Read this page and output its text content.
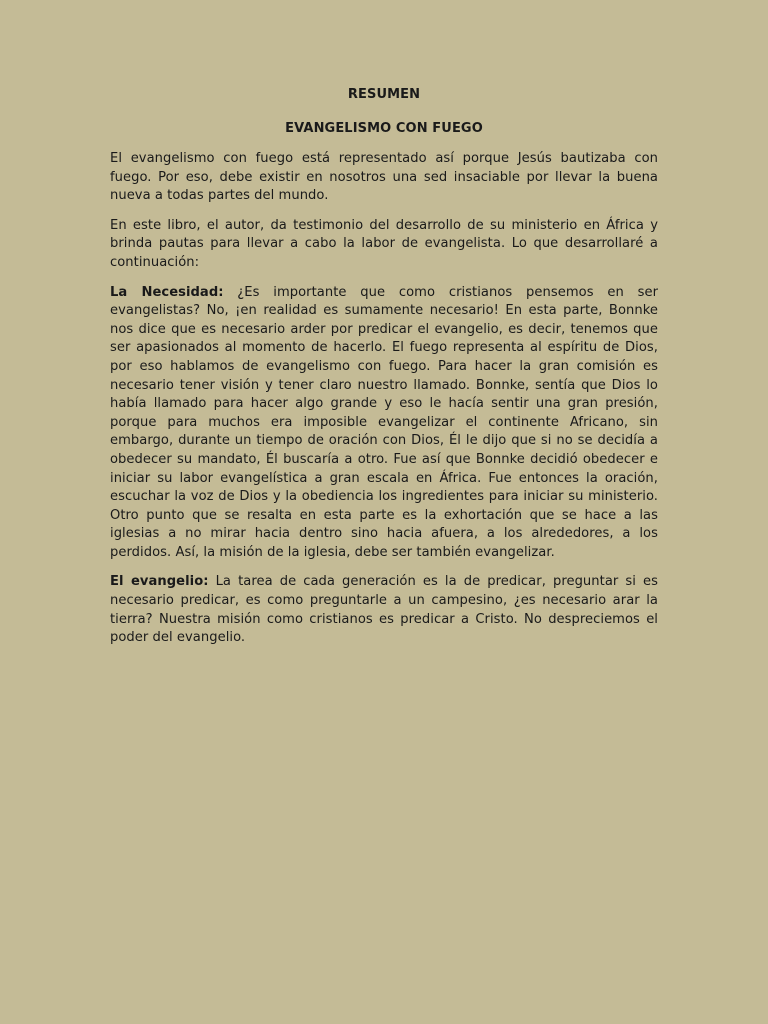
RESUMEN
EVANGELISMO CON FUEGO

El evangelismo con fuego está representado así porque Jesús bautizaba con fuego. Por eso, debe existir en nosotros una sed insaciable por llevar la buena nueva a todas partes del mundo.

En este libro, el autor, da testimonio del desarrollo de su ministerio en África y brinda pautas para llevar a cabo la labor de evangelista. Lo que desarrollaré a continuación:

La Necesidad: ¿Es importante que como cristianos pensemos en ser evangelistas? No, ¡en realidad es sumamente necesario! En esta parte, Bonnke nos dice que es necesario arder por predicar el evangelio, es decir, tenemos que ser apasionados al momento de hacerlo. El fuego representa al espíritu de Dios, por eso hablamos de evangelismo con fuego. Para hacer la gran comisión es necesario tener visión y tener claro nuestro llamado. Bonnke, sentía que Dios lo había llamado para hacer algo grande y eso le hacía sentir una gran presión, porque para muchos era imposible evangelizar el continente Africano, sin embargo, durante un tiempo de oración con Dios, Él le dijo que si no se decidía a obedecer su mandato, Él buscaría a otro. Fue así que Bonnke decidió obedecer e iniciar su labor evangelística a gran escala en África. Fue entonces la oración, escuchar la voz de Dios y la obediencia los ingredientes para iniciar su ministerio. Otro punto que se resalta en esta parte es la exhortación que se hace a las iglesias a no mirar hacia dentro sino hacia afuera, a los alrededores, a los perdidos. Así, la misión de la iglesia, debe ser también evangelizar.

El evangelio: La tarea de cada generación es la de predicar, preguntar si es necesario predicar, es como preguntarle a un campesino, ¿es necesario arar la tierra? Nuestra misión como cristianos es predicar a Cristo. No despreciemos el poder del evangelio.
